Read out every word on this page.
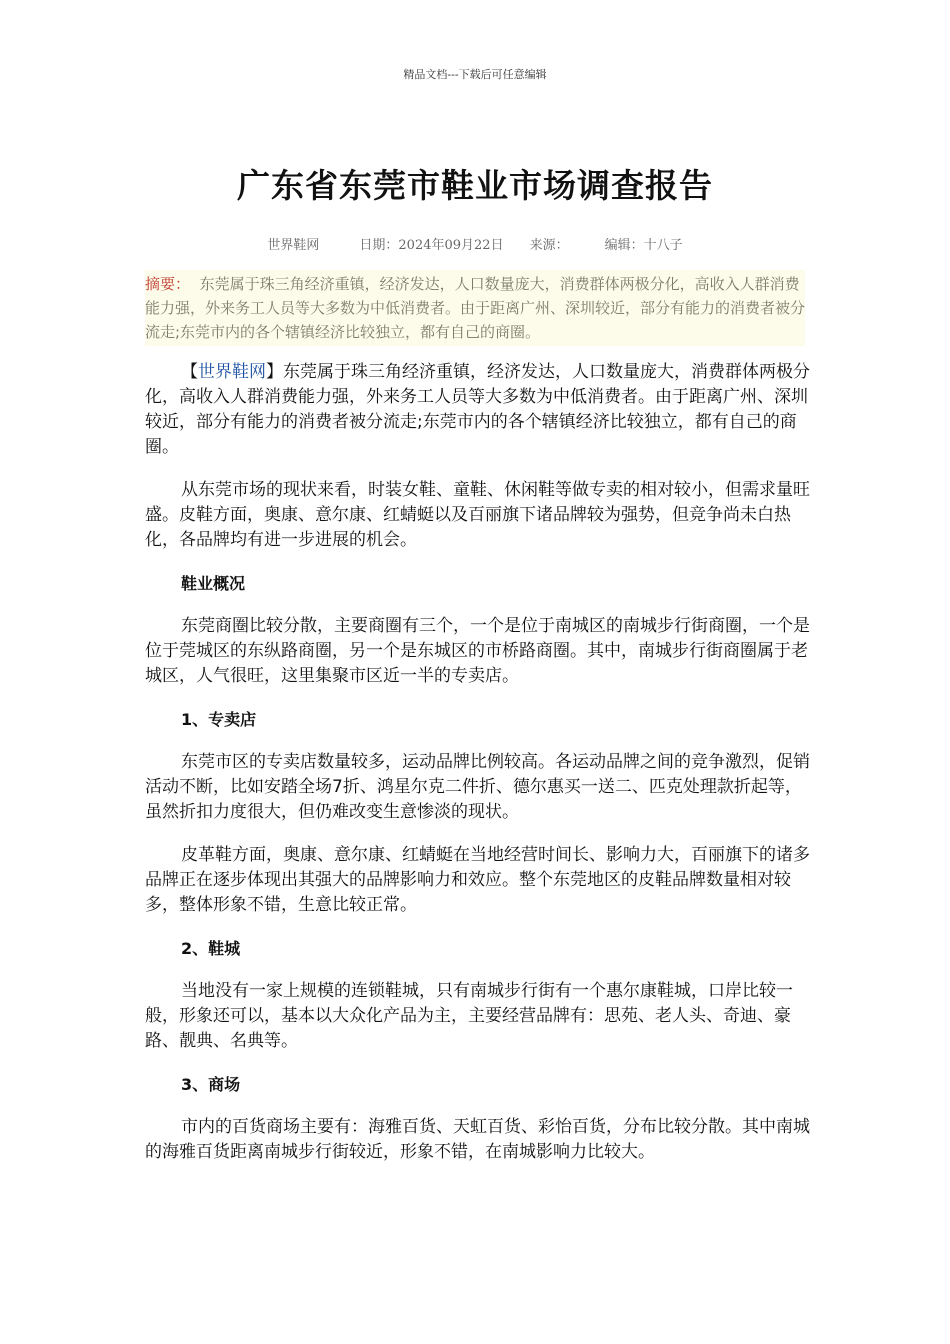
精品文档---下载后可任意编辑
广东省东莞市鞋业市场调查报告
世界鞋网	日期：2024年09月22日 来源：	编辑：十八子
摘要： 东莞属于珠三角经济重镇，经济发达，人口数量庞大，消费群体两极分化，高收入人群消费能力强，外来务工人员等大多数为中低消费者。由于距离广州、深圳较近，部分有能力的消费者被分流走;东莞市内的各个辖镇经济比较独立，都有自己的商圈。

【世界鞋网】东莞属于珠三角经济重镇，经济发达，人口数量庞大，消费群体两极分化，高收入人群消费能力强，外来务工人员等大多数为中低消费者。由于距离广州、深圳较近，部分有能力的消费者被分流走;东莞市内的各个辖镇经济比较独立，都有自己的商圈。

从东莞市场的现状来看，时装女鞋、童鞋、休闲鞋等做专卖的相对较小，但需求量旺盛。皮鞋方面，奥康、意尔康、红蜻蜓以及百丽旗下诸品牌较为强势，但竞争尚未白热化，各品牌均有进一步进展的机会。

鞋业概况

东莞商圈比较分散，主要商圈有三个，一个是位于南城区的南城步行街商圈，一个是位于莞城区的东纵路商圈，另一个是东城区的市桥路商圈。其中，南城步行街商圈属于老城区，人气很旺，这里集聚市区近一半的专卖店。

1、专卖店

东莞市区的专卖店数量较多，运动品牌比例较高。各运动品牌之间的竞争激烈，促销活动不断，比如安踏全场7折、鸿星尔克二件折、德尔惠买一送二、匹克处理款折起等，虽然折扣力度很大，但仍难改变生意惨淡的现状。

皮革鞋方面，奥康、意尔康、红蜻蜓在当地经营时间长、影响力大，百丽旗下的诸多品牌正在逐步体现出其强大的品牌影响力和效应。整个东莞地区的皮鞋品牌数量相对较多，整体形象不错，生意比较正常。

2、鞋城

当地没有一家上规模的连锁鞋城，只有南城步行街有一个惠尔康鞋城，口岸比较一般，形象还可以，基本以大众化产品为主，主要经营品牌有：思苑、老人头、奇迪、豪路、靓典、名典等。

3、商场

市内的百货商场主要有：海雅百货、天虹百货、彩怡百货，分布比较分散。其中南城的海雅百货距离南城步行街较近，形象不错，在南城影响力比较大。
